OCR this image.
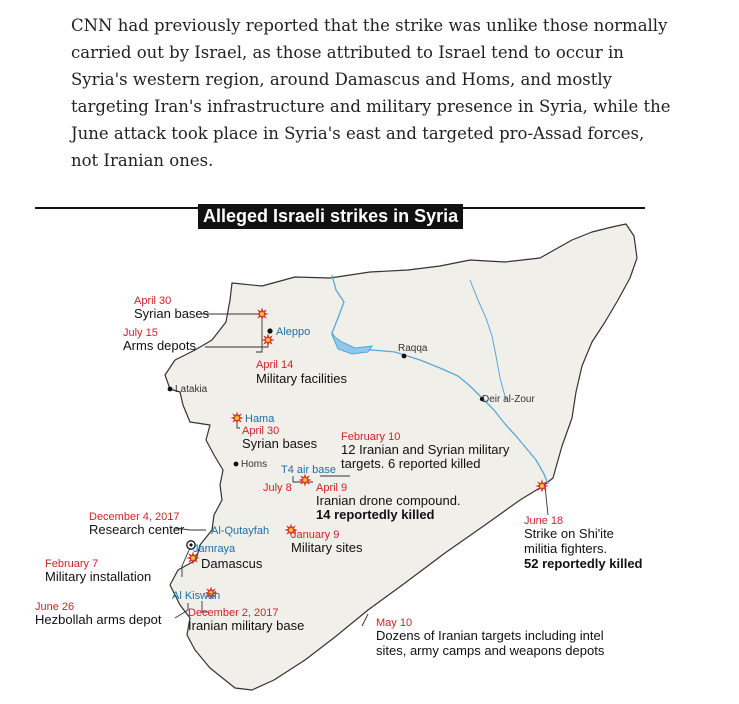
CNN had previously reported that the strike was unlike those normally carried out by Israel, as those attributed to Israel tend to occur in Syria's western region, around Damascus and Homs, and mostly targeting Iran's infrastructure and military presence in Syria, while the June attack took place in Syria's east and targeted pro-Assad forces, not Iranian ones.
Alleged Israeli strikes in Syria
Aleppo
Raqqa
Latakia
Deir al-Zour
Homs
Damascus
Hama
T4 air base
Al-Qutayfah
Jamraya
Al Kiswah
April 30
Syrian bases
July 15
Arms depots
April 14
Military facilities
April 30
Syrian bases February 10
12 Iranian and Syrian military
targets. 6 reported killed
July 8 April 9
Iranian drone compound.
14 reportedly killed
December 4, 2017
Research center	January 9
Military sites
February 7
Military installation
June 26
Hezbollah arms depot December 2, 2017
Iranian military base
June 18
Strike on Shi'ite
militia fighters.
52 reportedly killed
May 10
Dozens of Iranian targets including intel
sites, army camps and weapons depots
